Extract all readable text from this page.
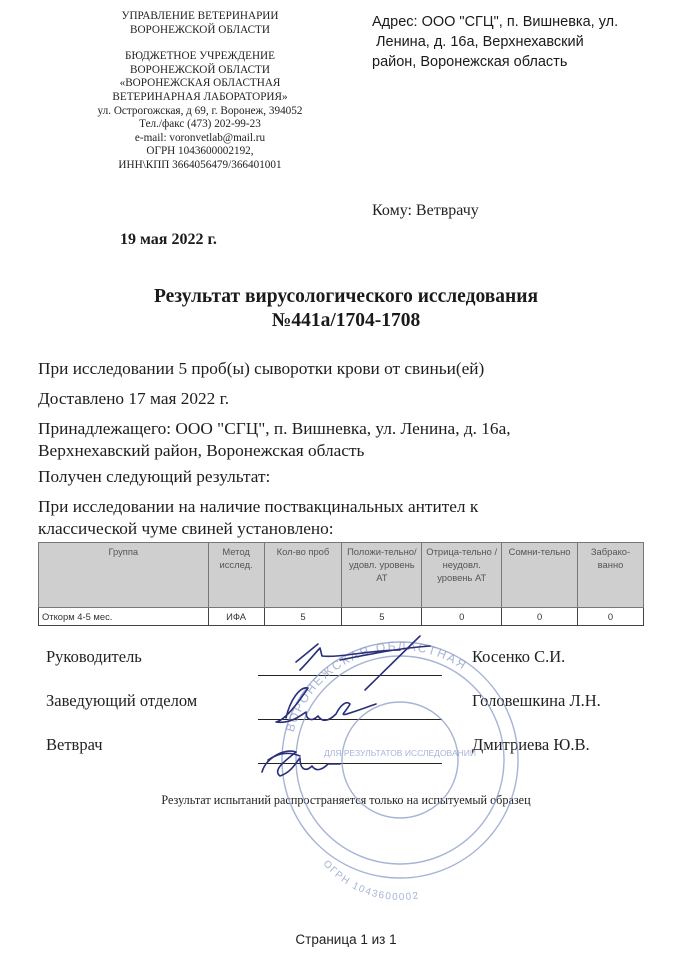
УПРАВЛЕНИЕ ВЕТЕРИНАРИИ
ВОРОНЕЖСКОЙ ОБЛАСТИ
БЮДЖЕТНОЕ УЧРЕЖДЕНИЕ
ВОРОНЕЖСКОЙ ОБЛАСТИ
«ВОРОНЕЖСКАЯ ОБЛАСТНАЯ
ВЕТЕРИНАРНАЯ ЛАБОРАТОРИЯ»
ул. Острогожская, д 69, г. Воронеж, 394052
Тел./факс (473) 202-99-23
e-mail: voronvetlab@mail.ru
ОГРН 1043600002192,
ИНН\КПП 3664056479/366401001
Адрес: ООО "СГЦ", п. Вишневка, ул.
Ленина, д. 16а, Верхнехавский
район, Воронежская область
Кому: Ветврачу
19 мая 2022 г.
Результат вирусологического исследования
№441а/1704-1708
При исследовании 5 проб(ы) сыворотки крови от свиньи(ей)
Доставлено 17 мая 2022 г.
Принадлежащего: ООО "СГЦ", п. Вишневка, ул. Ленина, д. 16а,
Верхнехавский район, Воронежская область
Получен следующий результат:
При исследовании на наличие поствакцинальных антител к
классической чуме свиней установлено:
Группа	Метод исслед.	Кол-во проб	Положи-тельно/ удовл. уровень АТ	Отрица-тельно / неудовл. уровень АТ	Сомни-тельно	Забрако-ванно
Откорм 4-5 мес.	ИФА	5	5	0	0	0
Руководитель	Косенко С.И.
Заведующий отделом	Головешкина Л.Н.
Ветврач	Дмитриева Ю.В.
Результат испытаний распространяется только на испытуемый образец
ВОРОНЕЖСКАЯ ОБЛАСТНАЯ
ОГРН 1043600002
ДЛЯ РЕЗУЛЬТАТОВ ИССЛЕДОВАНИЙ
Страница 1 из 1
